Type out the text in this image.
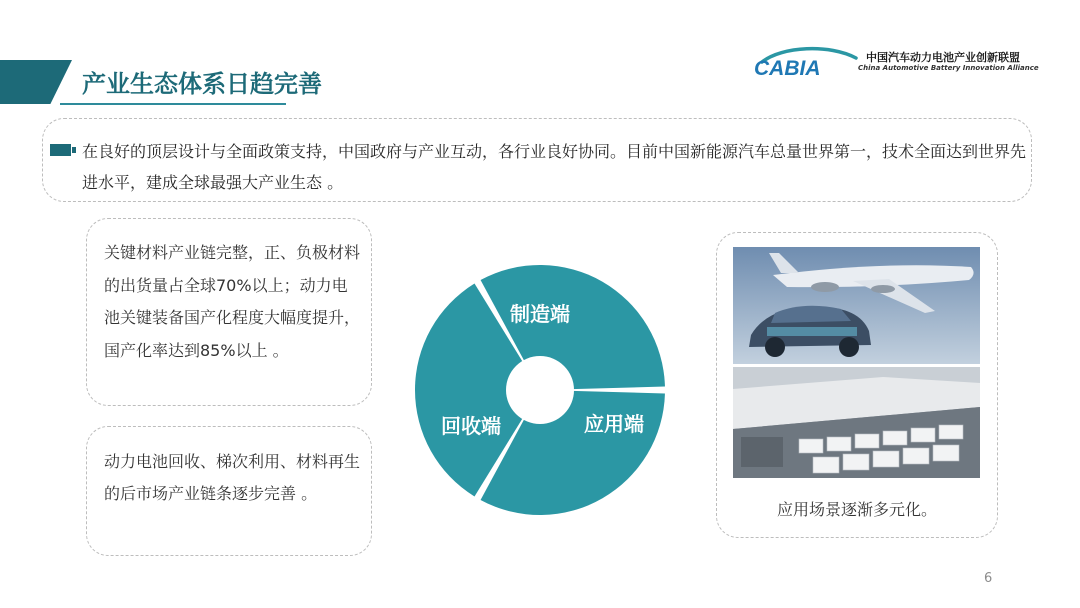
产业生态体系日趋完善
CABIA	中国汽车动力电池产业创新联盟
China Automotive Battery Innovation Alliance
在良好的顶层设计与全面政策支持，中国政府与产业互动，各行业良好协同。目前中国新能源汽车总量世界第一，技术全面达到世界先进水平，建成全球最强大产业生态 。
关键材料产业链完整，正、负极材料的出货量占全球70%以上；动力电池关键装备国产化程度大幅度提升，国产化率达到85%以上 。
动力电池回收、梯次利用、材料再生的后市场产业链条逐步完善 。
制造端
应用端
回收端
应用场景逐渐多元化。
6
